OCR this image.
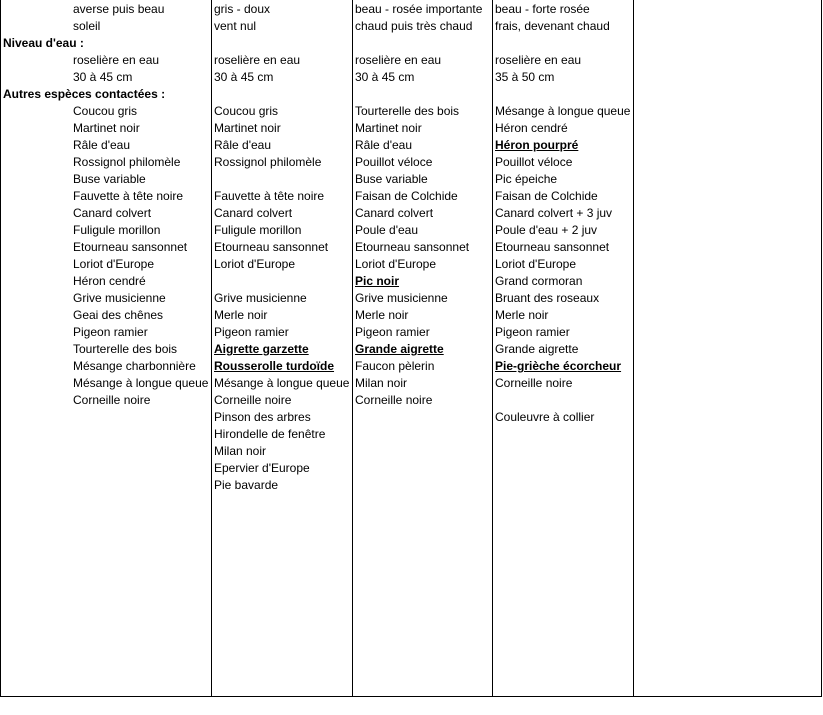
averse puis beau
soleil
gris - doux
vent nul
beau - rosée importante
chaud puis très chaud
beau - forte rosée
frais, devenant chaud
Niveau d'eau :
roselière en eau
30 à 45 cm
roselière en eau
30 à 45 cm
roselière en eau
30 à 45 cm
roselière en eau
35 à 50 cm
Autres espèces contactées :
Coucou gris
Martinet noir
Râle d'eau
Rossignol philomèle
Buse variable
Fauvette à tête noire
Canard colvert
Fuligule morillon
Etourneau sansonnet
Loriot d'Europe
Héron cendré
Grive musicienne
Geai des chênes
Pigeon ramier
Tourterelle des bois
Mésange charbonnière
Mésange à longue queue
Corneille noire
Coucou gris
Martinet noir
Râle d'eau
Rossignol philomèle
Fauvette à tête noire
Canard colvert
Fuligule morillon
Etourneau sansonnet
Loriot d'Europe
Grive musicienne
Merle noir
Pigeon ramier
Aigrette garzette
Rousserolle turdoïde
Mésange à longue queue
Corneille noire
Pinson des arbres
Hirondelle de fenêtre
Milan noir
Epervier d'Europe
Pie bavarde
Tourterelle des bois
Martinet noir
Râle d'eau
Pouillot véloce
Buse variable
Faisan de Colchide
Canard colvert
Poule d'eau
Etourneau sansonnet
Loriot d'Europe
Pic noir
Grive musicienne
Merle noir
Pigeon ramier
Grande aigrette
Faucon pèlerin
Milan noir
Corneille noire
Mésange à longue queue
Héron cendré
Héron pourpré
Pouillot véloce
Pic épeiche
Faisan de Colchide
Canard colvert + 3 juv
Poule d'eau + 2 juv
Etourneau sansonnet
Loriot d'Europe
Grand cormoran
Bruant des roseaux
Merle noir
Pigeon ramier
Grande aigrette
Pie-grièche écorcheur
Corneille noire
Couleuvre à collier
